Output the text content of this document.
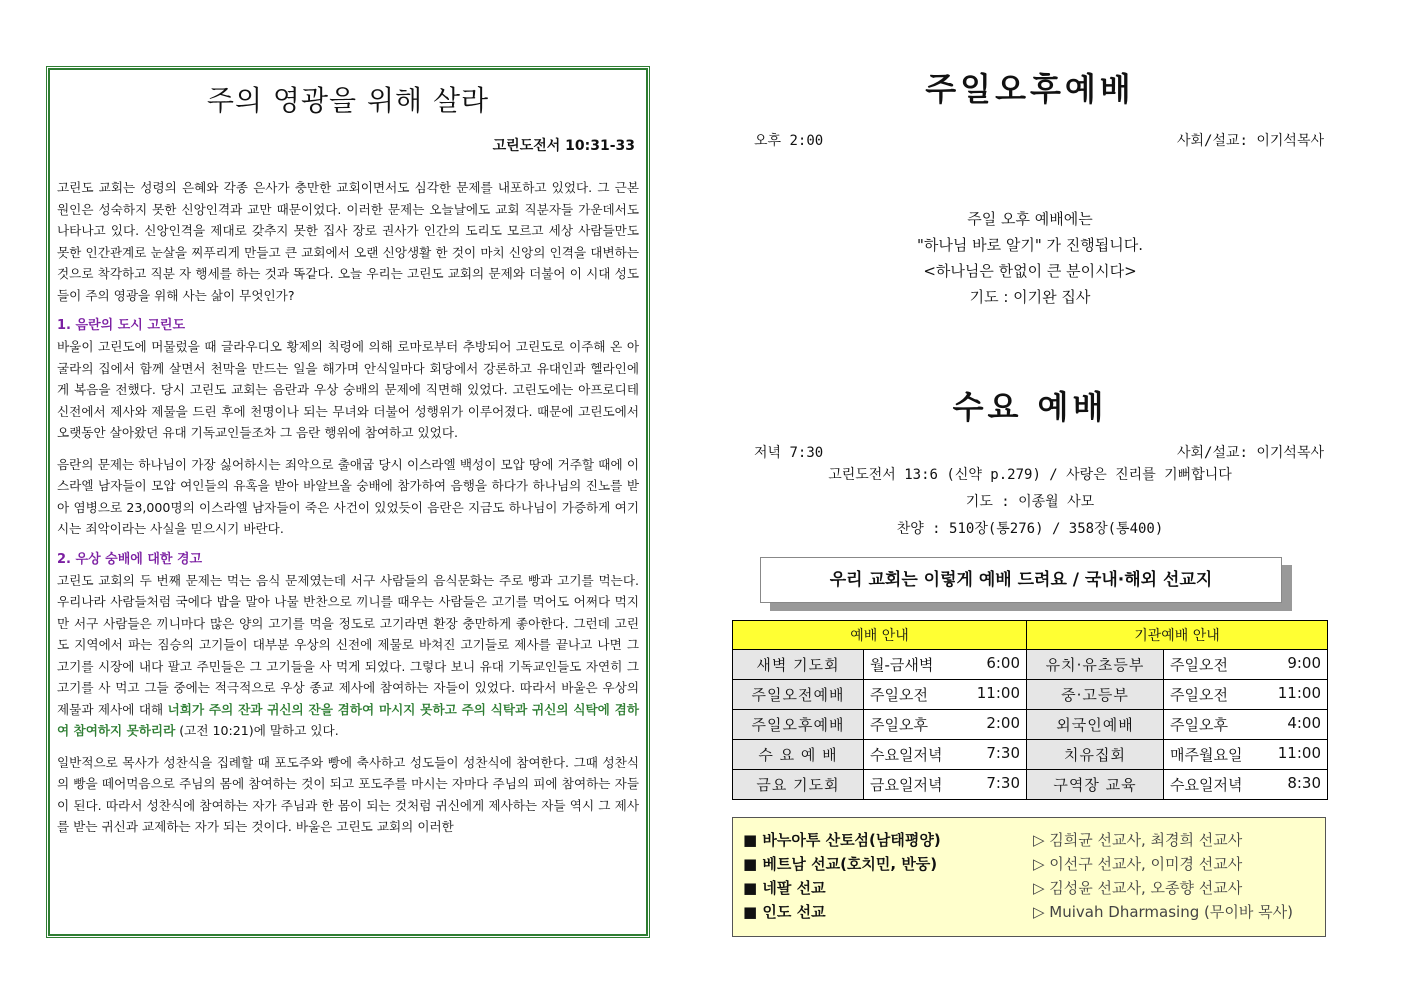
주의 영광을 위해 살라
고린도전서 10:31-33

고린도 교회는 성령의 은혜와 각종 은사가 충만한 교회이면서도 심각한 문제를 내포하고 있었다. 그 근본 원인은 성숙하지 못한 신앙인격과 교만 때문이었다. 이러한 문제는 오늘날에도 교회 직분자들 가운데서도 나타나고 있다. 신앙인격을 제대로 갖추지 못한 집사 장로 권사가 인간의 도리도 모르고 세상 사람들만도 못한 인간관계로 눈살을 찌푸리게 만들고 큰 교회에서 오랜 신앙생활 한 것이 마치 신앙의 인격을 대변하는 것으로 착각하고 직분 자 행세를 하는 것과 똑같다. 오늘 우리는 고린도 교회의 문제와 더불어 이 시대 성도들이 주의 영광을 위해 사는 삶이 무엇인가?

1. 음란의 도시 고린도

바울이 고린도에 머물렀을 때 글라우디오 황제의 칙령에 의해 로마로부터 추방되어 고린도로 이주해 온 아굴라의 집에서 함께 살면서 천막을 만드는 일을 해가며 안식일마다 회당에서 강론하고 유대인과 헬라인에게 복음을 전했다. 당시 고린도 교회는 음란과 우상 숭배의 문제에 직면해 있었다. 고린도에는 아프로디테 신전에서 제사와 제물을 드린 후에 천명이나 되는 무녀와 더불어 성행위가 이루어졌다. 때문에 고린도에서 오랫동안 살아왔던 유대 기독교인들조차 그 음란 행위에 참여하고 있었다.

음란의 문제는 하나님이 가장 싫어하시는 죄악으로 출애굽 당시 이스라엘 백성이 모압 땅에 거주할 때에 이스라엘 남자들이 모압 여인들의 유혹을 받아 바알브올 숭배에 참가하여 음행을 하다가 하나님의 진노를 받아 염병으로 23,000명의 이스라엘 남자들이 죽은 사건이 있었듯이 음란은 지금도 하나님이 가증하게 여기시는 죄악이라는 사실을 믿으시기 바란다.

2. 우상 숭배에 대한 경고

고린도 교회의 두 번째 문제는 먹는 음식 문제였는데 서구 사람들의 음식문화는 주로 빵과 고기를 먹는다. 우리나라 사람들처럼 국에다 밥을 말아 나물 반찬으로 끼니를 때우는 사람들은 고기를 먹어도 어쩌다 먹지만 서구 사람들은 끼니마다 많은 양의 고기를 먹을 정도로 고기라면 환장 충만하게 좋아한다. 그런데 고린도 지역에서 파는 짐승의 고기들이 대부분 우상의 신전에 제물로 바쳐진 고기들로 제사를 끝나고 나면 그 고기를 시장에 내다 팔고 주민들은 그 고기들을 사 먹게 되었다. 그렇다 보니 유대 기독교인들도 자연히 그 고기를 사 먹고 그들 중에는 적극적으로 우상 종교 제사에 참여하는 자들이 있었다. 따라서 바울은 우상의 제물과 제사에 대해 너희가 주의 잔과 귀신의 잔을 겸하여 마시지 못하고 주의 식탁과 귀신의 식탁에 겸하여 참여하지 못하리라 (고전 10:21)에 말하고 있다.

일반적으로 목사가 성찬식을 집례할 때 포도주와 빵에 축사하고 성도들이 성찬식에 참여한다. 그때 성찬식의 빵을 떼어먹음으로 주님의 몸에 참여하는 것이 되고 포도주를 마시는 자마다 주님의 피에 참여하는 자들이 된다. 따라서 성찬식에 참여하는 자가 주님과 한 몸이 되는 것처럼 귀신에게 제사하는 자들 역시 그 제사를 받는 귀신과 교제하는 자가 되는 것이다. 바울은 고린도 교회의 이러한

주일오후예배
오후 2:00	사회/설교: 이기석목사
주일 오후 예배에는
"하나님 바로 알기" 가 진행됩니다.
<하나님은 한없이 큰 분이시다>
기도 : 이기완 집사
수요 예배
저녁 7:30	사회/설교: 이기석목사
고린도전서 13:6 (신약 p.279) / 사랑은 진리를 기뻐합니다
기도 : 이종월 사모
찬양 : 510장(통276) / 358장(통400)
우리 교회는 이렇게 예배 드려요 / 국내·해외 선교지
예배 안내		기관예배 안내	
새벽 기도회	월-금새벽 6:00	유치·유초등부	주일오전 9:00

주일오전예배	주일오전 11:00	중·고등부	주일오전 11:00

주일오후예배	주일오후 2:00	외국인예배	주일오후 4:00

수 요 예 배	수요일저녁 7:30	치유집회	매주월요일 11:00

금요 기도회	금요일저녁 7:30	구역장 교육	수요일저녁 8:30
■ 바누아투 산토섬(남태평양)	▷ 김희균 선교사, 최경희 선교사
■ 베트남 선교(호치민, 반둥)	▷ 이선구 선교사, 이미경 선교사
■ 네팔 선교	▷ 김성윤 선교사, 오종향 선교사
■ 인도 선교	▷ Muivah Dharmasing (무이바 목사)
